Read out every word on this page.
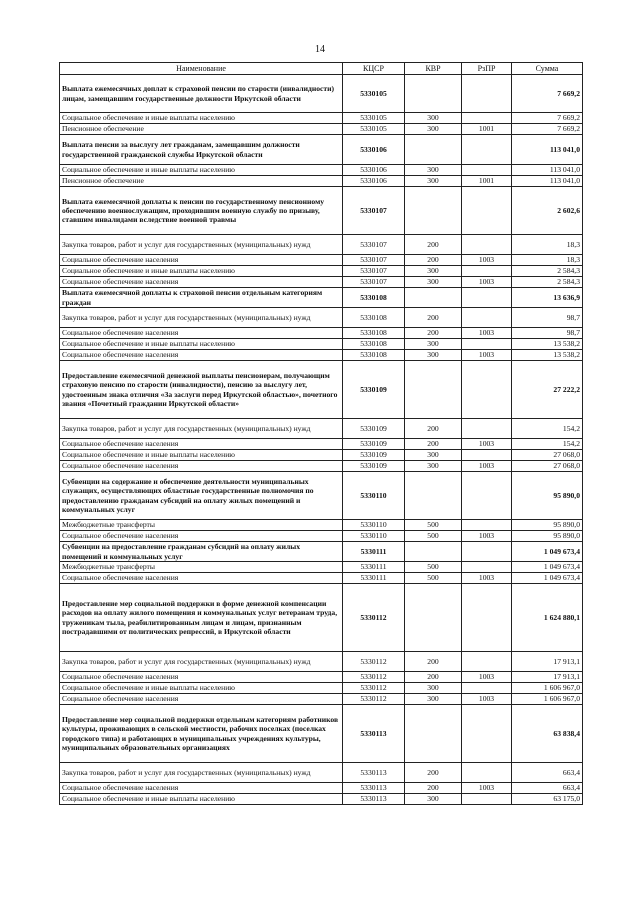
14
Наименование	КЦСР	КВР	РзПР	Сумма
Выплата ежемесячных доплат к страховой пенсии по старости (инвалидности) лицам, замещавшим государственные должности Иркутской области	5330105			7 669,2
Социальное обеспечение и иные выплаты населению	5330105	300		7 669,2
Пенсионное обеспечение	5330105	300	1001	7 669,2
Выплата пенсии за выслугу лет гражданам, замещавшим должности государственной гражданской службы Иркутской области	5330106			113 041,0
Социальное обеспечение и иные выплаты населению	5330106	300		113 041,0
Пенсионное обеспечение	5330106	300	1001	113 041,0
Выплата ежемесячной доплаты к пенсии по государственному пенсионному обеспечению военнослужащим, проходившим военную службу по призыву, ставшим инвалидами вследствие военной травмы	5330107			2 602,6
Закупка товаров, работ и услуг для государственных (муниципальных) нужд	5330107	200		18,3
Социальное обеспечение населения	5330107	200	1003	18,3
Социальное обеспечение и иные выплаты населению	5330107	300		2 584,3
Социальное обеспечение населения	5330107	300	1003	2 584,3
Выплата ежемесячной доплаты к страховой пенсии отдельным категориям граждан	5330108			13 636,9
Закупка товаров, работ и услуг для государственных (муниципальных) нужд	5330108	200		98,7
Социальное обеспечение населения	5330108	200	1003	98,7
Социальное обеспечение и иные выплаты населению	5330108	300		13 538,2
Социальное обеспечение населения	5330108	300	1003	13 538,2
Предоставление ежемесячной денежной выплаты пенсионерам, получающим страховую пенсию по старости (инвалидности), пенсию за выслугу лет, удостоенным знака отличия «За заслуги перед Иркутской областью», почетного звания «Почетный гражданин Иркутской области»	5330109			27 222,2
Закупка товаров, работ и услуг для государственных (муниципальных) нужд	5330109	200		154,2
Социальное обеспечение населения	5330109	200	1003	154,2
Социальное обеспечение и иные выплаты населению	5330109	300		27 068,0
Социальное обеспечение населения	5330109	300	1003	27 068,0
Субвенции на содержание и обеспечение деятельности муниципальных служащих, осуществляющих областные государственные полномочия по предоставлению гражданам субсидий на оплату жилых помещений и коммунальных услуг	5330110			95 890,0
Межбюджетные трансферты	5330110	500		95 890,0
Социальное обеспечение населения	5330110	500	1003	95 890,0
Субвенции на предоставление гражданам субсидий на оплату жилых помещений и коммунальных услуг	5330111			1 049 673,4
Межбюджетные трансферты	5330111	500		1 049 673,4
Социальное обеспечение населения	5330111	500	1003	1 049 673,4
Предоставление мер социальной поддержки в форме денежной компенсации расходов на оплату жилого помещения и коммунальных услуг ветеранам труда, труженикам тыла, реабилитированным лицам и лицам, признанным пострадавшими от политических репрессий, в Иркутской области	5330112			1 624 880,1
Закупка товаров, работ и услуг для государственных (муниципальных) нужд	5330112	200		17 913,1
Социальное обеспечение населения	5330112	200	1003	17 913,1
Социальное обеспечение и иные выплаты населению	5330112	300		1 606 967,0
Социальное обеспечение населения	5330112	300	1003	1 606 967,0
Предоставление мер социальной поддержки отдельным категориям работников культуры, проживающих в сельской местности, рабочих поселках (поселках городского типа) и работающих в муниципальных учреждениях культуры, муниципальных образовательных организациях	5330113			63 838,4
Закупка товаров, работ и услуг для государственных (муниципальных) нужд	5330113	200		663,4
Социальное обеспечение населения	5330113	200	1003	663,4
Социальное обеспечение и иные выплаты населению	5330113	300		63 175,0
